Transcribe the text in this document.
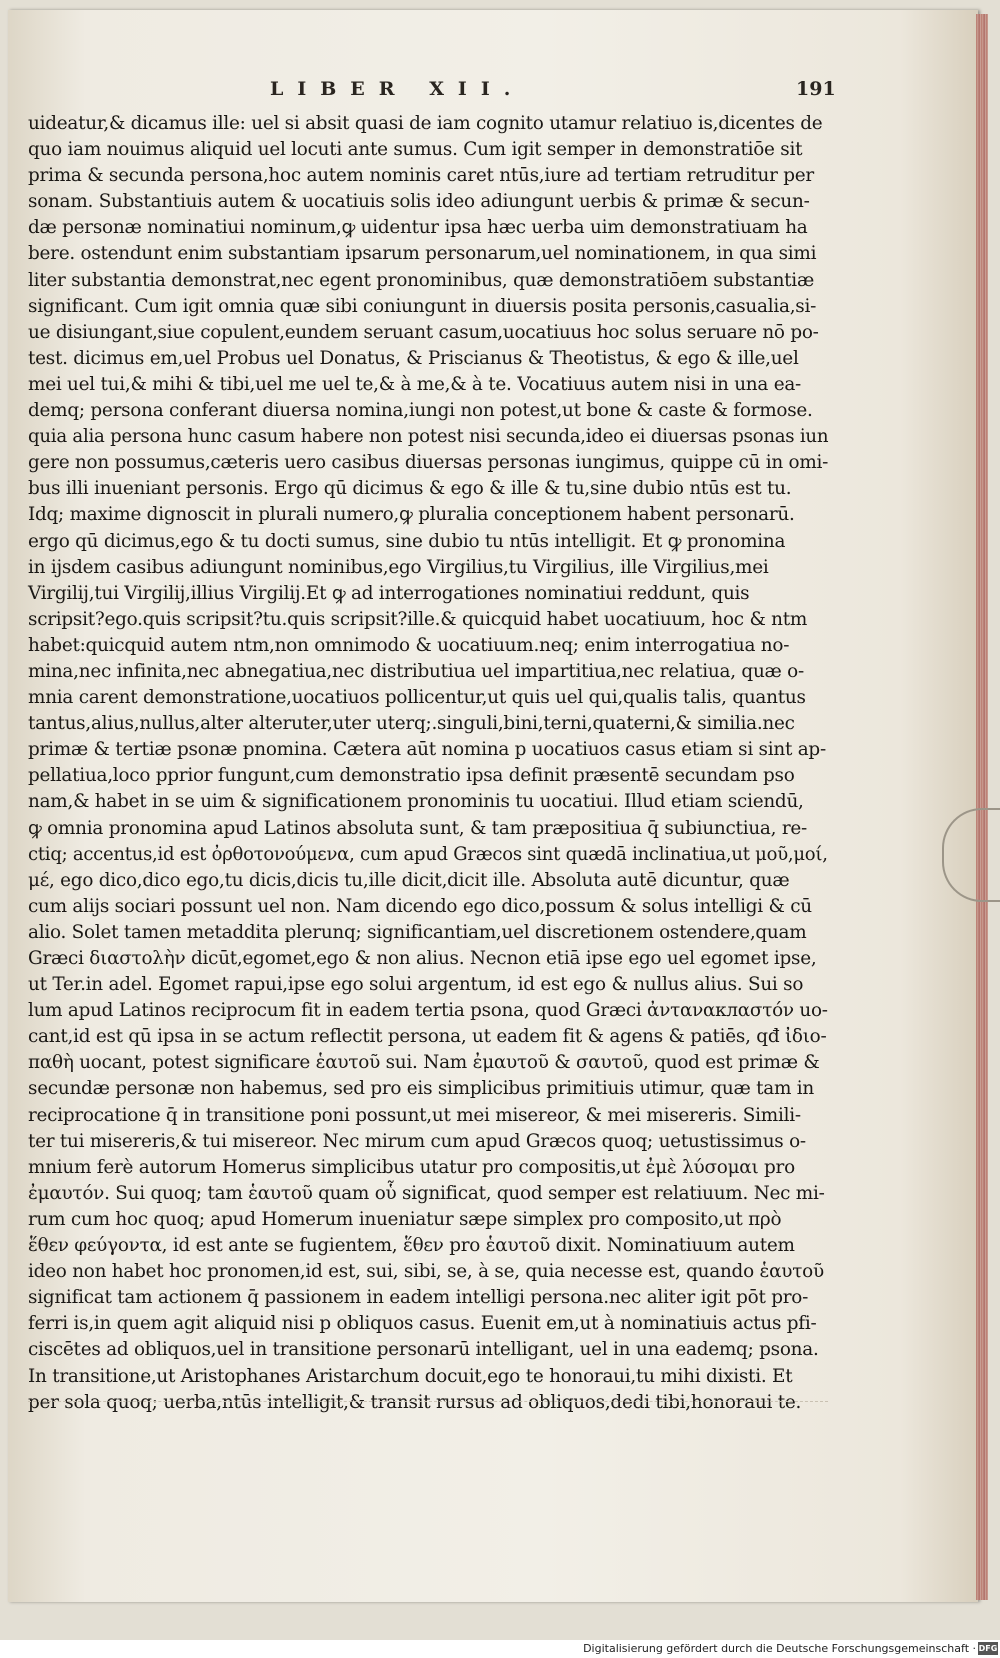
LIBER XII.	191
uideatur,& dicamus ille: uel si absit quasi de iam cognito utamur relatiuo is,dicentes de
quo iam nouimus aliquid uel locuti ante sumus. Cum igit semper in demonstratiōe sit
prima & secunda persona,hoc autem nominis caret ntūs,iure ad tertiam retruditur per
sonam. Substantiuis autem & uocatiuis solis ideo adiungunt uerbis & primæ & secun-
dæ personæ nominatiui nominum,ꝙ uidentur ipsa hæc uerba uim demonstratiuam ha
bere. ostendunt enim substantiam ipsarum personarum,uel nominationem, in qua simi
liter substantia demonstrat,nec egent pronominibus, quæ demonstratiōem substantiæ
significant. Cum igit omnia quæ sibi coniungunt in diuersis posita personis,casualia,si-
ue disiungant,siue copulent,eundem seruant casum,uocatiuus hoc solus seruare nō po-
test. dicimus em,uel Probus uel Donatus, & Priscianus & Theotistus, & ego & ille,uel
mei uel tui,& mihi & tibi,uel me uel te,& à me,& à te. Vocatiuus autem nisi in una ea-
demq; persona conferant diuersa nomina,iungi non potest,ut bone & caste & formose.
quia alia persona hunc casum habere non potest nisi secunda,ideo ei diuersas psonas iun
gere non possumus,cæteris uero casibus diuersas personas iungimus, quippe cū in omi-
bus illi inueniant personis. Ergo qū dicimus & ego & ille & tu,sine dubio ntūs est tu.
Idq; maxime dignoscit in plurali numero,ꝙ pluralia conceptionem habent personarū.
ergo qū dicimus,ego & tu docti sumus, sine dubio tu ntūs intelligit. Et ꝙ pronomina
in ijsdem casibus adiungunt nominibus,ego Virgilius,tu Virgilius, ille Virgilius,mei
Virgilij,tui Virgilij,illius Virgilij.Et ꝙ ad interrogationes nominatiui reddunt, quis
scripsit?ego.quis scripsit?tu.quis scripsit?ille.& quicquid habet uocatiuum, hoc & ntm
habet:quicquid autem ntm,non omnimodo & uocatiuum.neq; enim interrogatiua no-
mina,nec infinita,nec abnegatiua,nec distributiua uel impartitiua,nec relatiua, quæ o-
mnia carent demonstratione,uocatiuos pollicentur,ut quis uel qui,qualis talis, quantus
tantus,alius,nullus,alter alteruter,uter uterq;.singuli,bini,terni,quaterni,& similia.nec
primæ & tertiæ psonæ pnomina. Cætera aūt nomina p uocatiuos casus etiam si sint ap-
pellatiua,loco pprior fungunt,cum demonstratio ipsa definit præsentē secundam pso
nam,& habet in se uim & significationem pronominis tu uocatiui. Illud etiam sciendū,
ꝙ omnia pronomina apud Latinos absoluta sunt, & tam præpositiua q̄ subiunctiua, re-
ctiq; accentus,id est ὀρθοτονούμενα, cum apud Græcos sint quædā inclinatiua,ut μοῦ,μοί,
μέ, ego dico,dico ego,tu dicis,dicis tu,ille dicit,dicit ille. Absoluta autē dicuntur, quæ
cum alijs sociari possunt uel non. Nam dicendo ego dico,possum & solus intelligi & cū
alio. Solet tamen metaddita plerunq; significantiam,uel discretionem ostendere,quam
Græci διαστολὴν dicūt,egomet,ego & non alius. Necnon etiā ipse ego uel egomet ipse,
ut Ter.in adel. Egomet rapui,ipse ego solui argentum, id est ego & nullus alius. Sui so
lum apud Latinos reciprocum fit in eadem tertia psona, quod Græci ἀνταναклαστόν uo-
cant,id est qū ipsa in se actum reflectit persona, ut eadem fit & agens & patiēs, qđ ἰδιο-
παθὴ uocant, potest significare ἑαυτοῦ sui. Nam ἐμαυτοῦ & σαυτοῦ, quod est primæ &
secundæ personæ non habemus, sed pro eis simplicibus primitiuis utimur, quæ tam in
reciprocatione q̄ in transitione poni possunt,ut mei misereor, & mei misereris. Simili-
ter tui misereris,& tui misereor. Nec mirum cum apud Græcos quoq; uetustissimus o-
mnium ferè autorum Homerus simplicibus utatur pro compositis,ut ἐμὲ λύσομαι pro
ἐμαυτόν. Sui quoq; tam ἑαυτοῦ quam οὗ significat, quod semper est relatiuum. Nec mi-
rum cum hoc quoq; apud Homerum inueniatur sæpe simplex pro composito,ut πρὸ
ἕθεν φεύγοντα, id est ante se fugientem, ἕθεν pro ἑαυτοῦ dixit. Nominatiuum autem
ideo non habet hoc pronomen,id est, sui, sibi, se, à se, quia necesse est, quando ἑαυτοῦ
significat tam actionem q̄ passionem in eadem intelligi persona.nec aliter igit pōt pro-
ferri is,in quem agit aliquid nisi p obliquos casus. Euenit em,ut à nominatiuis actus pfi-
ciscētes ad obliquos,uel in transitione personarū intelligant, uel in una eademq; psona.
In transitione,ut Aristophanes Aristarchum docuit,ego te honoraui,tu mihi dixisti. Et
per sola quoq; uerba,ntūs intelligit,& transit rursus ad obliquos,dedi tibi,honoraui te.
Digitalisierung gefördert durch die Deutsche Forschungsgemeinschaft · DFG
